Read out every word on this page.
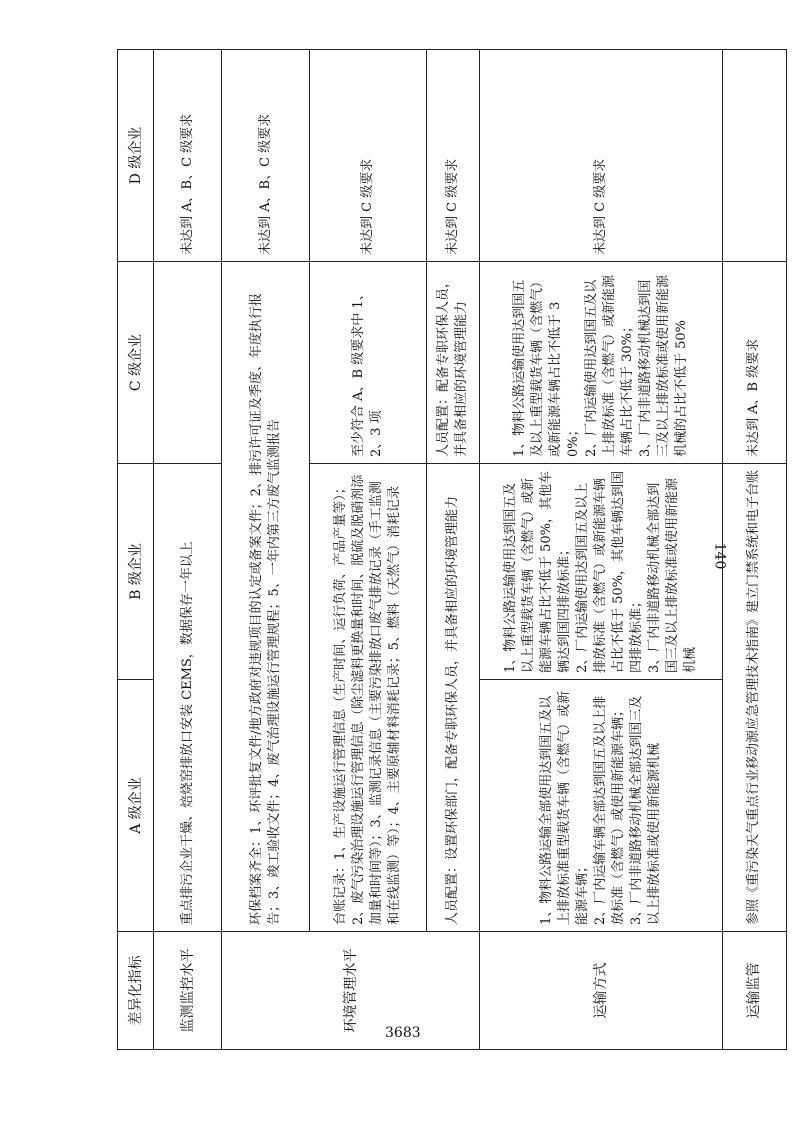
3683
140
差异化指标	A 级企业	B 级企业	C 级企业	D 级企业
监测监控水平	重点排污企业干燥、焙烧窑排放口安装 CEMS，数据保存一年以上			未达到 A、B、C 级要求
环境管理水平	环保档案齐全：1、环评批复文件/地方政府对违规项目的认定或备案文件；2、排污许可证及季度、年度执行报告；3、竣工验收文件；4、废气治理设施运行管理规程；5、一年内第三方废气监测报告			未达到 A、B、C 级要求
	台账记录：1、生产设施运行管理信息（生产时间、运行负荷、产品产量等）；2、废气污染治理设施运行管理信息（除尘滤料更换量和时间、脱硫及脱硝剂添加量和时间等）；3、监测记录信息（主要污染排放口废气排放记录（手工监测和在线监测）等）；4、主要原辅材料消耗记录；5、燃料（天然气）消耗记录		至少符合 A、B 级要求中 1、2、3 项	未达到 C 级要求
	人员配置：设置环保部门，配备专职环保人员，并具备相应的环境管理能力		人员配置：配备专职环保人员，并具备相应的环境管理能力	未达到 C 级要求
运输方式	1、物料公路运输全部使用达到国五及以上排放标准重型载货车辆（含燃气）或新能源车辆；
2、厂内运输车辆全部达到国五及以上排放标准（含燃气）或使用新能源车辆；
3、厂内非道路移动机械全部达到国三及以上排放标准或使用新能源机械	1、物料公路运输使用达到国五及以上重型载货车辆（含燃气）或新能源车辆占比不低于 50%，其他车辆达到国四排放标准；
2、厂内运输使用达到国五及以上排放标准（含燃气）或新能源车辆占比不低于 50%，其他车辆达到国四排放标准；
3、厂内非道路移动机械全部达到国三及以上排放标准或使用新能源机械	1、物料公路运输使用达到国五及以上重型载货车辆（含燃气）或新能源车辆占比不低于 30%；
2、厂内运输使用达到国五及以上排放标准（含燃气）或新能源车辆占比不低于 30%；
3、厂内非道路移动机械达到国三及以上排放标准或使用新能源机械的占比不低于 50%	未达到 C 级要求
运输监管	参照《重污染天气重点行业移动源应急管理技术指南》建立门禁系统和电子台账		未达到 A、B 级要求	
